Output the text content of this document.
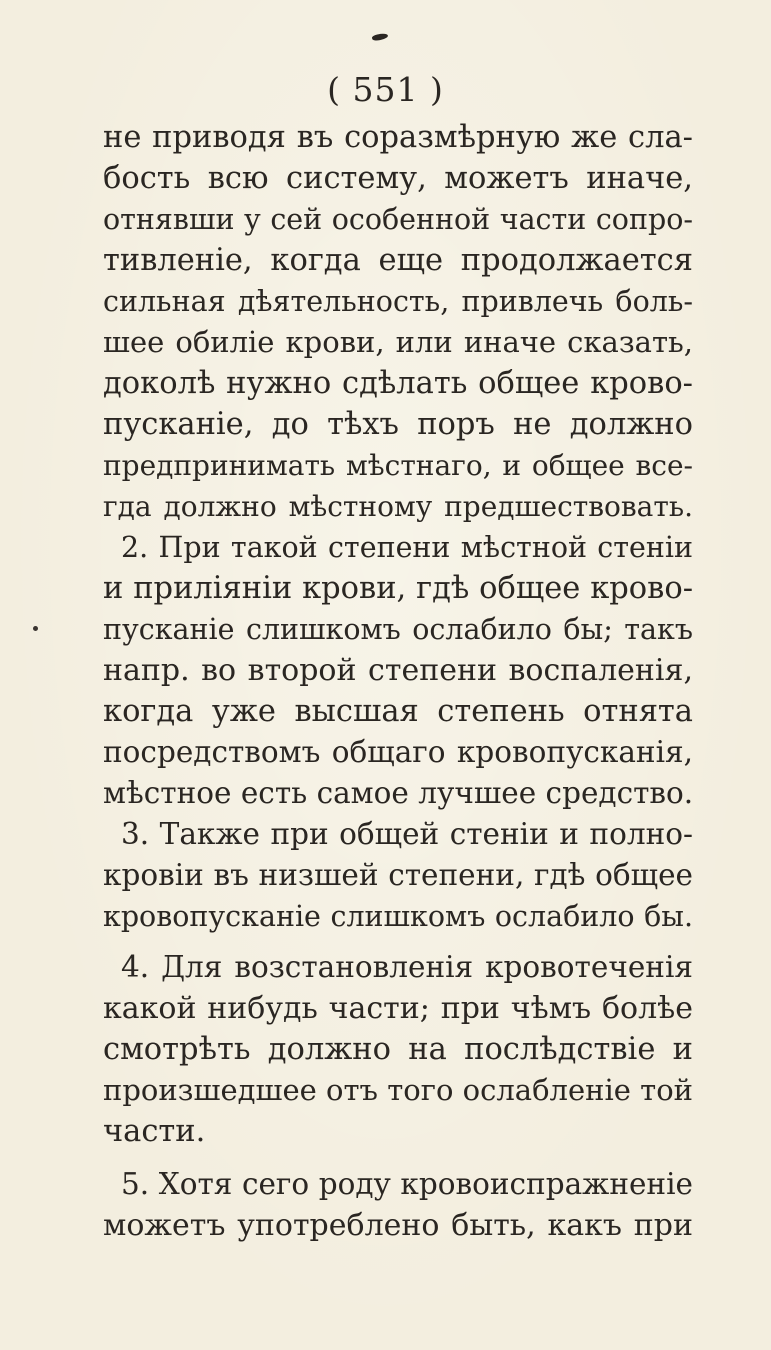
( 551 )
не приводя въ соразмѣрную же сла-
бость всю систему, можетъ иначе,
отнявши у сей особенной части сопро-
тивленіе, когда еще продолжается
сильная дѣятельность, привлечь боль-
шее обиліе крови, или иначе сказать,
доколѣ нужно сдѣлать общее крово-
пусканіе, до тѣхъ поръ не должно
предпринимать мѣстнаго, и общее все-
гда должно мѣстному предшествовать.
2. При такой степени мѣстной стеніи
и приліяніи крови, гдѣ общее крово-
пусканіе слишкомъ ослабило бы; такъ
напр. во второй степени воспаленія,
когда уже высшая степень отнята
посредствомъ общаго кровопусканія,
мѣстное есть самое лучшее средство.
3. Также при общей стеніи и полно-
кровіи въ низшей степени, гдѣ общее
кровопусканіе слишкомъ ослабило бы.
4. Для возстановленія кровотеченія
какой нибудь части; при чѣмъ болѣе
смотрѣть должно на послѣдствіе и
произшедшее отъ того ослабленіе той
части.
5. Хотя сего роду кровоиспражненіе
можетъ употреблено быть, какъ при
